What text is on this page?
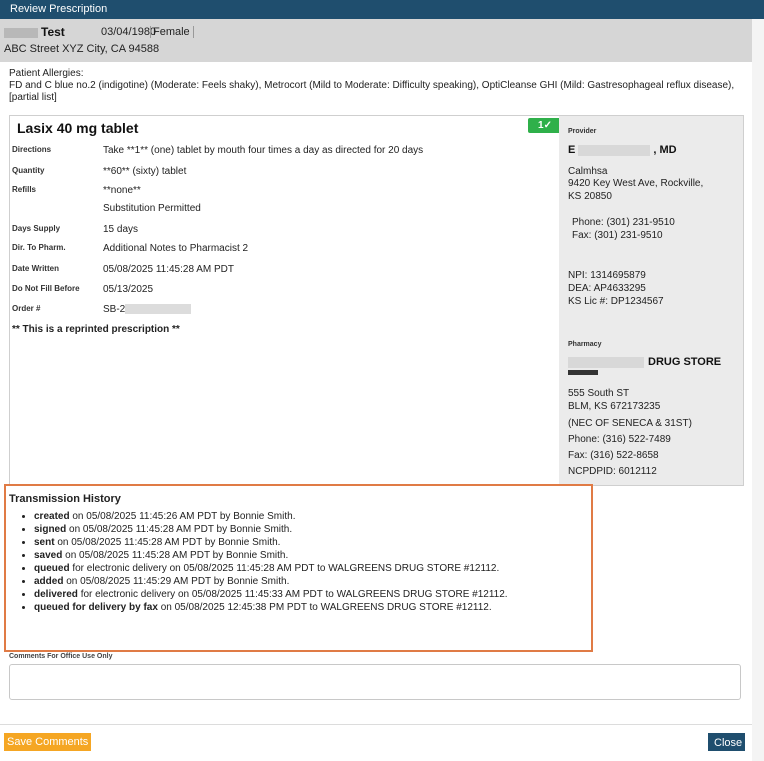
Review Prescription
Test	03/04/1980
Female
ABC Street XYZ City, CA 94588
Patient Allergies:
FD and C blue no.2 (indigotine) (Moderate: Feels shaky), Metrocort (Mild to Moderate: Difficulty speaking), OptiCleanse GHI (Mild: Gastresophageal reflux disease), [partial list]
Lasix 40 mg tablet	1✓
Directions	Take **1** (one) tablet by mouth four times a day as directed for 20 days
Quantity	**60** (sixty) tablet
Refills	**none**
Substitution Permitted
Days Supply	15 days
Dir. To Pharm.	Additional Notes to Pharmacist 2
Date Written	05/08/2025 11:45:28 AM PDT
Do Not Fill Before 05/13/2025
Order #	SB-2
** This is a reprinted prescription **
Provider
E	, MD
Calmhsa
9420 Key West Ave, Rockville,
KS 20850
Phone: (301) 231-9510
Fax: (301) 231-9510
NPI: 1314695879
DEA: AP4633295
KS Lic #: DP1234567
Pharmacy
DRUG STORE
555 South ST
BLM, KS 672173235
(NEC OF SENECA & 31ST)
Phone: (316) 522-7489
Fax: (316) 522-8658
NCPDPID: 6012112
Transmission History
• created on 05/08/2025 11:45:26 AM PDT by Bonnie Smith.
• signed on 05/08/2025 11:45:28 AM PDT by Bonnie Smith.
• sent on 05/08/2025 11:45:28 AM PDT by Bonnie Smith.
• saved on 05/08/2025 11:45:28 AM PDT by Bonnie Smith.
• queued for electronic delivery on 05/08/2025 11:45:28 AM PDT to WALGREENS DRUG STORE #12112.
• added on 05/08/2025 11:45:29 AM PDT by Bonnie Smith.
• delivered for electronic delivery on 05/08/2025 11:45:33 AM PDT to WALGREENS DRUG STORE #12112.
• queued for delivery by fax on 05/08/2025 12:45:38 PM PDT to WALGREENS DRUG STORE #12112.
Comments For Office Use Only
Save Comments	Close
